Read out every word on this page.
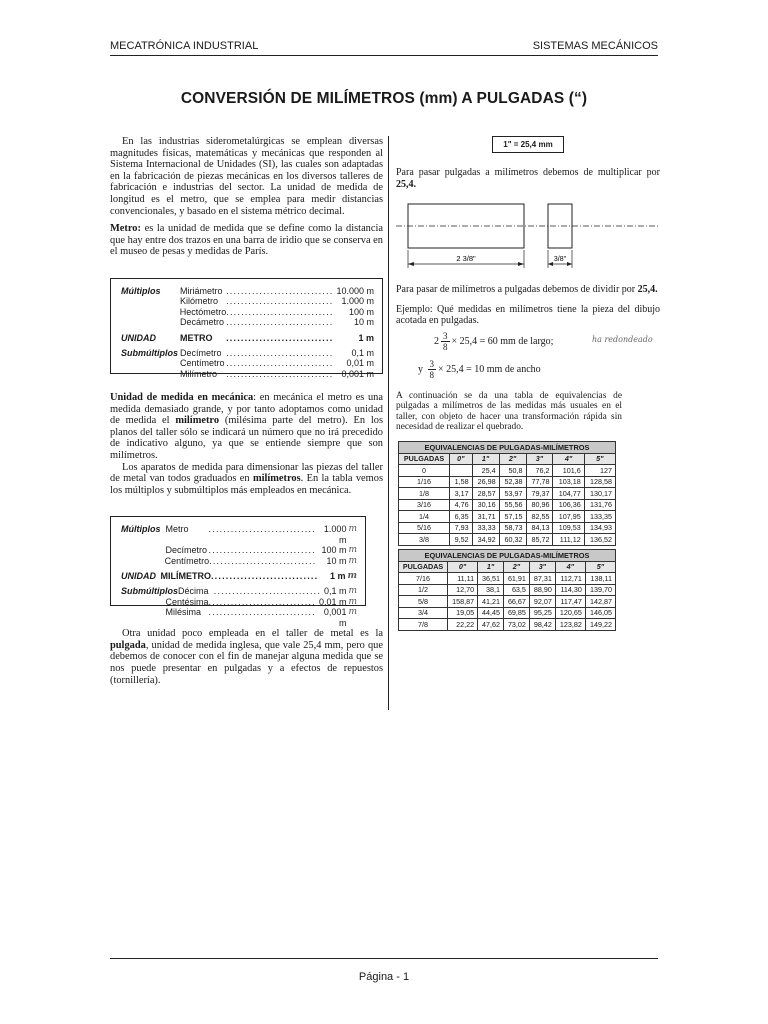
MECATRÓNICA INDUSTRIAL	SISTEMAS MECÁNICOS
CONVERSIÓN DE MILÍMETROS (mm) A PULGADAS (“)

En las industrias siderometalúrgicas se emplean diversas magnitudes físicas, matemáticas y mecánicas que responden al Sistema Internacional de Unidades (SI), las cuales son adaptadas en la fabricación de piezas mecánicas en los diversos talleres de fabricación e industrias del sector. La unidad de medida de longitud es el metro, que se emplea para medir distancias convencionales, y basado en el sistema métrico decimal.

Metro: es la unidad de medida que se define como la distancia que hay entre dos trazos en una barra de iridio que se conserva en el museo de pesas y medidas de París.

Múltiplos	Miriámetro ............................. 10.000 m
Kilómetro ............................. 1.000 m
Hectómetro .............................	100 m
Decámetro .............................	10 m
UNIDAD	METRO	.............................	1 m
Submúltiplos Decímetro .............................	0,1 m
Centímetro .............................	0,01 m
Milímetro	............................. 0,001 m

Unidad de medida en mecánica: en mecánica el metro es una medida demasiado grande, y por tanto adoptamos como unidad de medida el milímetro (milésima parte del metro). En los planos del taller sólo se indicará un número que no irá precedido de indicativo alguno, ya que se entiende siempre que son milímetros.

Los aparatos de medida para dimensionar las piezas del taller de metal van todos graduados en milímetros. En la tabla vemos los múltiplos y submúltiplos más empleados en mecánica.

Múltiplos Metro	............................. 1.000 m
m
Decímetro ............................. 100 m m
Centímetro .............................	10 m m
UNIDAD MILÍMETRO .............................	1 m m
Submúltiplos Décima ............................. 0,1 m m
Centésima ............................. 0,01 m m
Milésima ............................. 0,001 m
m

Otra unidad poco empleada en el taller de metal es la pulgada, unidad de medida inglesa, que vale 25,4 mm, pero que debemos de conocer con el fin de manejar alguna medida que se nos puede presentar en pulgadas y a efectos de repuestos (tornillería).

1" = 25,4 mm

Para pasar pulgadas a milímetros debemos de multiplicar por 25,4.

2 3/8"	3/8"

Para pasar de milímetros a pulgadas debemos de dividir por 25,4.

Ejemplo: Qué medidas en milímetros tiene la pieza del dibujo acotada en pulgadas.

$2 \frac{3}{8} \times 25,4 = 60$ mm de largo;
y
$\frac{3}{8} \times 25,4 = 10$ mm de ancho
ha redondeado

A continuación se da una tabla de equivalencias de pulgadas a milímetros de las medidas más usuales en el taller, con objeto de hacer una transformación rápida sin necesidad de realizar el quebrado.

EQUIVALENCIAS DE PULGADAS-MILÍMETROS
PULGADAS	0"	1"	2"	3"	4"	5"
0		25,4	50,8	76,2	101,6	127
1/16	1,58	26,98	52,38	77,78	103,18	128,58
1/8	3,17	28,57	53,97	79,37	104,77	130,17
3/16	4,76	30,16	55,56	80,96	106,36	131,76
1/4	6,35	31,71	57,15	82,55	107,95	133,35
5/16	7,93	33,33	58,73	84,13	109,53	134,93
3/8	9,52	34,92	60,32	85,72	111,12	136,52
EQUIVALENCIAS DE PULGADAS-MILÍMETROS
PULGADAS	0"	1"	2"	3"	4"	5"
7/16	11,11	36,51	61,91	87,31	112,71	138,11
1/2	12,70	38,1	63,5	88,90	114,30	139,70
5/8	158,87	41,21	66,67	92,07	117,47	142,87
3/4	19,05	44,45	69,85	95,25	120,65	146,05
7/8	22,22	47,62	73,02	98,42	123,82	149,22
Página - 1
